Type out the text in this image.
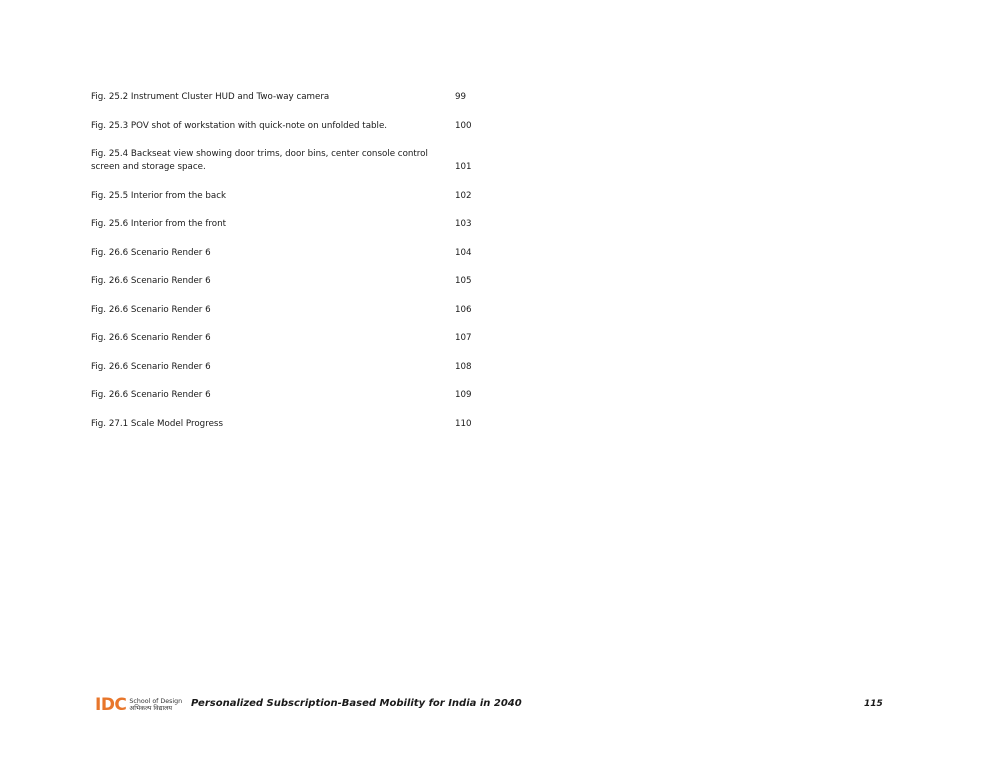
Fig. 25.2 Instrument Cluster HUD and Two-way camera	99
Fig. 25.3 POV shot of workstation with quick-note on unfolded table.	100
Fig. 25.4 Backseat view showing door trims, door bins, center console control screen and storage space.	101
Fig. 25.5 Interior from the back	102
Fig. 25.6 Interior from the front	103
Fig. 26.6 Scenario Render 6	104
Fig. 26.6 Scenario Render 6	105
Fig. 26.6 Scenario Render 6	106
Fig. 26.6 Scenario Render 6	107
Fig. 26.6 Scenario Render 6	108
Fig. 26.6 Scenario Render 6	109
Fig. 27.1 Scale Model Progress	110
IDC School of Design
अभिकल्प विद्यालय	Personalized Subscription-Based Mobility for India in 2040	115
